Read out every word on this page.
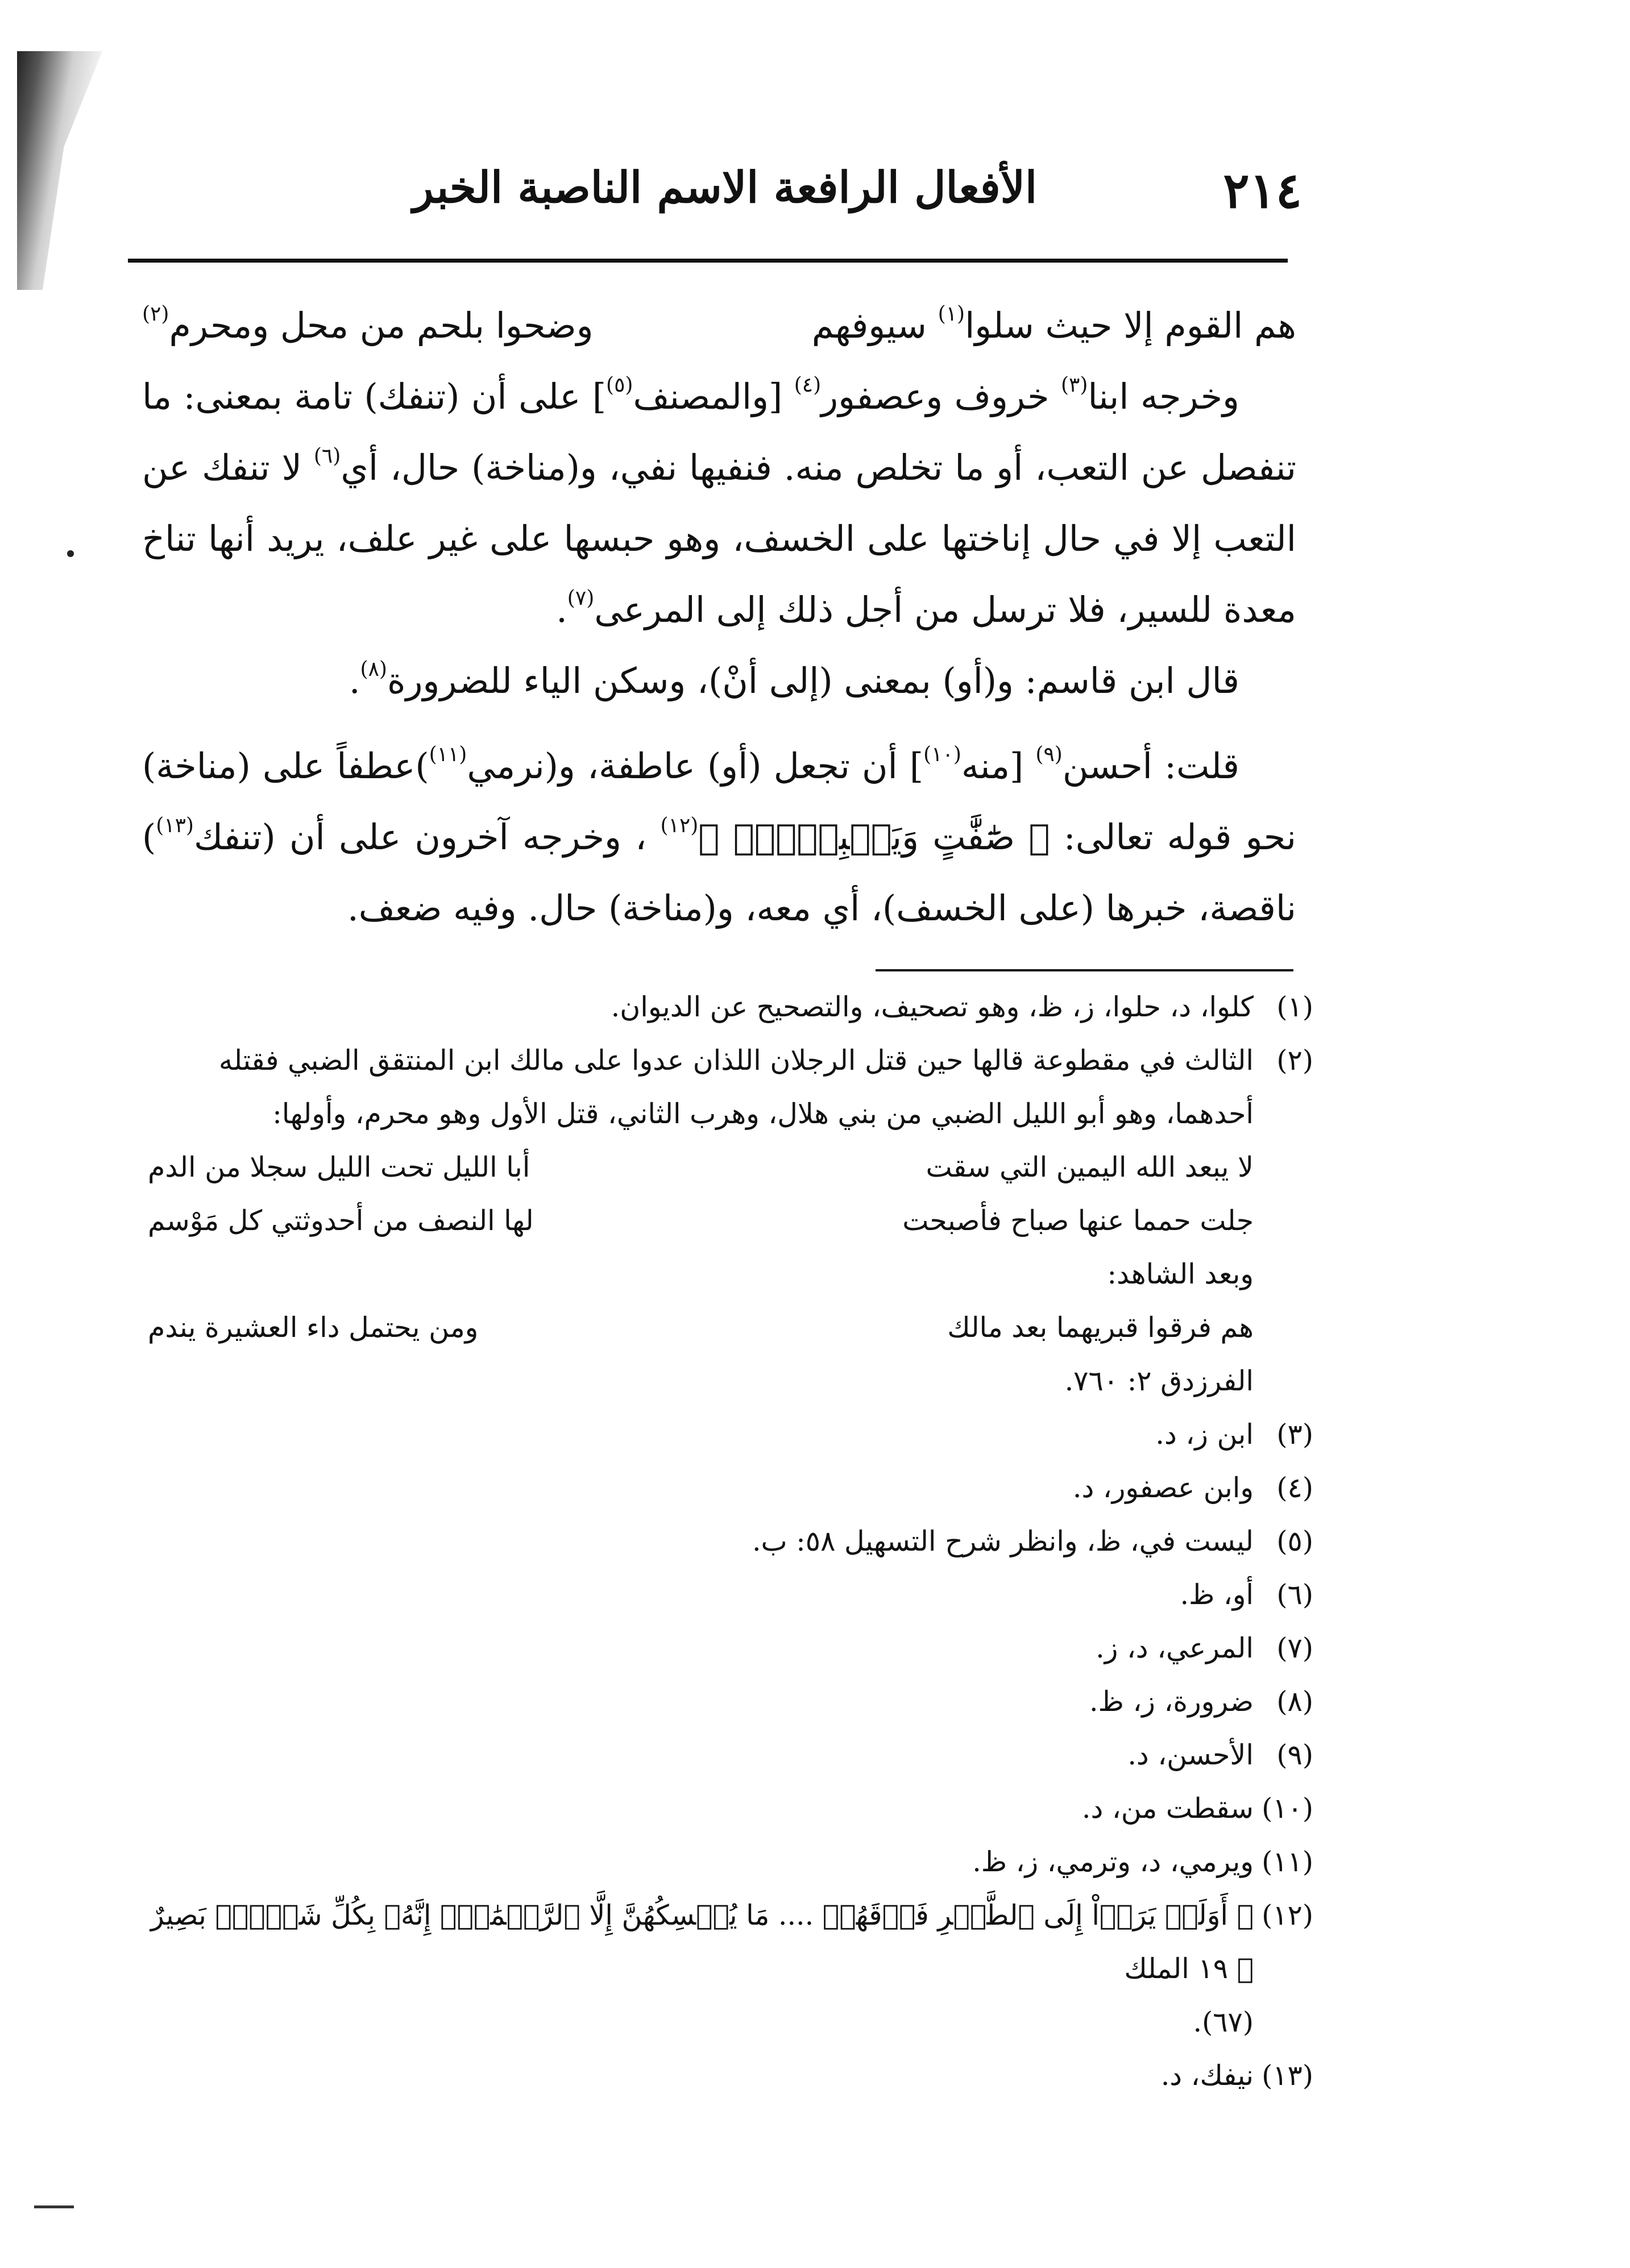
٢١٤
الأفعال الرافعة الاسم الناصبة الخبر
هم القوم إلا حيث سلوا$^{(١)}$ سيوفهم
وضحوا بلحم من محل ومحرم$^{(٢)}$

وخرجه ابنا$^{(٣)}$ خروف وعصفور$^{(٤)}$ [والمصنف$^{(٥)}$] على أن (تنفك) تامة بمعنى: ما تنفصل عن التعب، أو ما تخلص منه. فنفيها نفي، و(مناخة) حال، أي$^{(٦)}$ لا تنفك عن التعب إلا في حال إناختها على الخسف، وهو حبسها على غير علف، يريد أنها تناخ معدة للسير، فلا ترسل من أجل ذلك إلى المرعى$^{(٧)}$.

قال ابن قاسم: و(أو) بمعنى (إلى أنْ)، وسكن الياء للضرورة$^{(٨)}$.

قلت: أحسن$^{(٩)}$ [منه$^{(١٠)}$] أن تجعل (أو) عاطفة، و(نرمي$^{(١١)}$)عطفاً على (مناخة) نحو قوله تعالى: ﴿ صَٰٓفَّٰتٍ وَيَقۡبِضۡنَۚ ﴾$^{(١٢)}$ ، وخرجه آخرون على أن (تنفك$^{(١٣)}$) ناقصة، خبرها (على الخسف)، أي معه، و(مناخة) حال. وفيه ضعف.

(١)
كلوا، د، حلوا، ز، ظ، وهو تصحيف، والتصحيح عن الديوان.
(٢)
الثالث في مقطوعة قالها حين قتل الرجلان اللذان عدوا على مالك ابن المنتقق الضبي فقتله
أحدهما، وهو أبو الليل الضبي من بني هلال، وهرب الثاني، قتل الأول وهو محرم، وأولها:
لا يبعد الله اليمين التي سقت
أبا الليل تحت الليل سجلا من الدم
جلت حمما عنها صباح فأصبحت
لها النصف من أحدوثتي كل مَوْسم
وبعد الشاهد:
هم فرقوا قبريهما بعد مالك
ومن يحتمل داء العشيرة يندم
الفرزدق ٢: ٧٦٠.
(٣)
ابن ز، د.
(٤)
وابن عصفور، د.
(٥)
ليست في، ظ، وانظر شرح التسهيل ٥٨: ب.
(٦)
أو، ظ.
(٧)
المرعي، د، ز.
(٨)
ضرورة، ز، ظ.
(٩)
الأحسن، د.
(١٠)
سقطت من، د.
(١١)
ويرمي، د، وترمي، ز، ظ.
(١٢)
﴿ أَوَلَمۡ يَرَوۡاْ إِلَى ٱلطَّيۡرِ فَوۡقَهُمۡ .... مَا يُمۡسِكُهُنَّ إِلَّا ٱلرَّحۡمَٰنُۚ إِنَّهُۥ بِكُلِّ شَيۡءِۭ بَصِيرٌ ﴾ ١٩ الملك
(٦٧).
(١٣)
نيفك، د.
